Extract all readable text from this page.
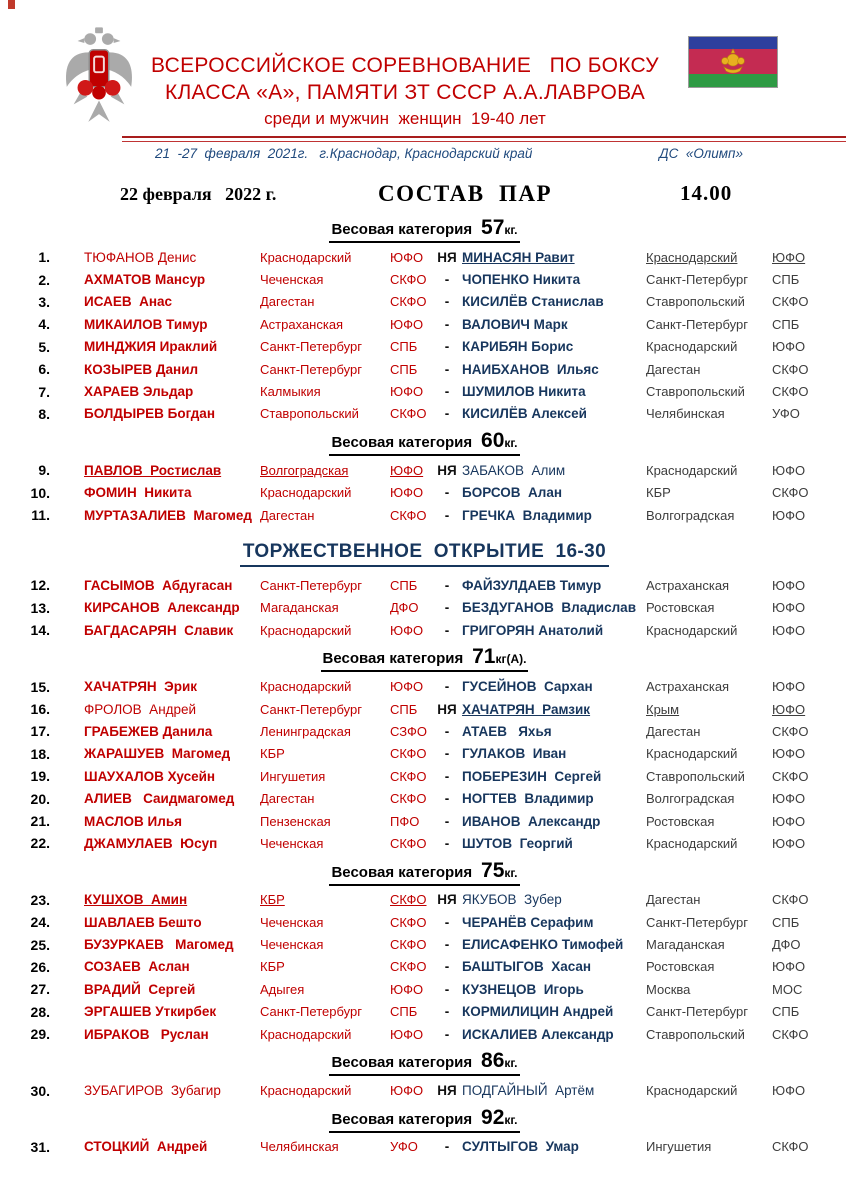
ВСЕРОССИЙСКОЕ СОРЕВНОВАНИЕ   ПО БОКСУ
КЛАССА «А», ПАМЯТИ ЗТ СССР А.А.ЛАВРОВА
среди и мужчин  женщин  19-40 лет
21  -27  февраля  2021г.   г.Краснодар, Краснодарский край	ДС  «Олимп»
22 февраля   2022 г.	СОСТАВ  ПАР	14.00
Весовая категория 57кг.
1.	ТЮФАНОВ Денис	Краснодарский	ЮФО	НЯ МИНАСЯН Равит	Краснодарский	ЮФО
2.	АХМАТОВ Мансур	Чеченская	СКФО	- ЧОПЕНКО Никита	Санкт-Петербург	СПБ
3.	ИСАЕВ  Анас	Дагестан	СКФО	- КИСИЛЁВ Станислав	Ставропольский	СКФО
4.	МИКАИЛОВ Тимур	Астраханская	ЮФО	- ВАЛОВИЧ Марк	Санкт-Петербург	СПБ
5.	МИНДЖИЯ Ираклий	Санкт-Петербург	СПБ	- КАРИБЯН Борис	Краснодарский	ЮФО
6.	КОЗЫРЕВ Данил	Санкт-Петербург	СПБ	- НАИБХАНОВ  Ильяс	Дагестан	СКФО
7.	ХАРАЕВ Эльдар	Калмыкия	ЮФО	- ШУМИЛОВ Никита	Ставропольский	СКФО
8.	БОЛДЫРЕВ Богдан	Ставропольский	СКФО	- КИСИЛЁВ Алексей	Челябинская	УФО
Весовая категория 60кг.
9.	ПАВЛОВ  Ростислав	Волгоградская	ЮФО	НЯ ЗАБАКОВ  Алим	Краснодарский	ЮФО
10.	ФОМИН  Никита	Краснодарский	ЮФО	- БОРСОВ  Алан	КБР	СКФО
11.	МУРТАЗАЛИЕВ  Магомед Дагестан	СКФО	- ГРЕЧКА  Владимир	Волгоградская	ЮФО
ТОРЖЕСТВЕННОЕ  ОТКРЫТИЕ  16-30
12.	ГАСЫМОВ  Абдугасан	Санкт-Петербург	СПБ	- ФАЙЗУЛДАЕВ Тимур	Астраханская	ЮФО
13.	КИРСАНОВ  Александр	Магаданская	ДФО	- БЕЗДУГАНОВ  Владислав Ростовская	ЮФО
14.	БАГДАСАРЯН  Славик	Краснодарский	ЮФО	- ГРИГОРЯН Анатолий	Краснодарский	ЮФО
Весовая категория 71кг(А).
15.	ХАЧАТРЯН  Эрик	Краснодарский	ЮФО	- ГУСЕЙНОВ  Сархан	Астраханская	ЮФО
16.	ФРОЛОВ  Андрей	Санкт-Петербург	СПБ	НЯ ХАЧАТРЯН  Рамзик	Крым	ЮФО
17.	ГРАБЕЖЕВ Данила	Ленинградская	СЗФО	- АТАЕВ   Яхья	Дагестан	СКФО
18.	ЖАРАШУЕВ  Магомед	КБР	СКФО	- ГУЛАКОВ  Иван	Краснодарский	ЮФО
19.	ШАУХАЛОВ Хусейн	Ингушетия	СКФО	- ПОБЕРЕЗИН  Сергей	Ставропольский	СКФО
20.	АЛИЕВ   Саидмагомед	Дагестан	СКФО	- НОГТЕВ  Владимир	Волгоградская	ЮФО
21.	МАСЛОВ Илья	Пензенская	ПФО	- ИВАНОВ  Александр	Ростовская	ЮФО
22.	ДЖАМУЛАЕВ  Юсуп	Чеченская	СКФО	- ШУТОВ  Георгий	Краснодарский	ЮФО
Весовая категория 75кг.
23.	КУШХОВ  Амин	КБР	СКФО НЯ ЯКУБОВ  Зубер	Дагестан	СКФО
24.	ШАВЛАЕВ Бешто	Чеченская	СКФО	- ЧЕРАНЁВ Серафим	Санкт-Петербург	СПБ
25.	БУЗУРКАЕВ   Магомед	Чеченская	СКФО	- ЕЛИСАФЕНКО Тимофей	Магаданская	ДФО
26.	СОЗАЕВ  Аслан	КБР	СКФО	- БАШТЫГОВ  Хасан	Ростовская	ЮФО
27.	ВРАДИЙ  Сергей	Адыгея	ЮФО	- КУЗНЕЦОВ  Игорь	Москва	МОС
28.	ЭРГАШЕВ Уткирбек	Санкт-Петербург	СПБ	- КОРМИЛИЦИН Андрей	Санкт-Петербург	СПБ
29.	ИБРАКОВ   Руслан	Краснодарский	ЮФО	- ИСКАЛИЕВ Александр	Ставропольский	СКФО
Весовая категория 86кг.
30.	ЗУБАГИРОВ  Зубагир	Краснодарский	ЮФО	НЯ ПОДГАЙНЫЙ  Артём	Краснодарский	ЮФО
Весовая категория 92кг.
31.	СТОЦКИЙ  Андрей	Челябинская	УФО	- СУЛТЫГОВ  Умар	Ингушетия	СКФО
